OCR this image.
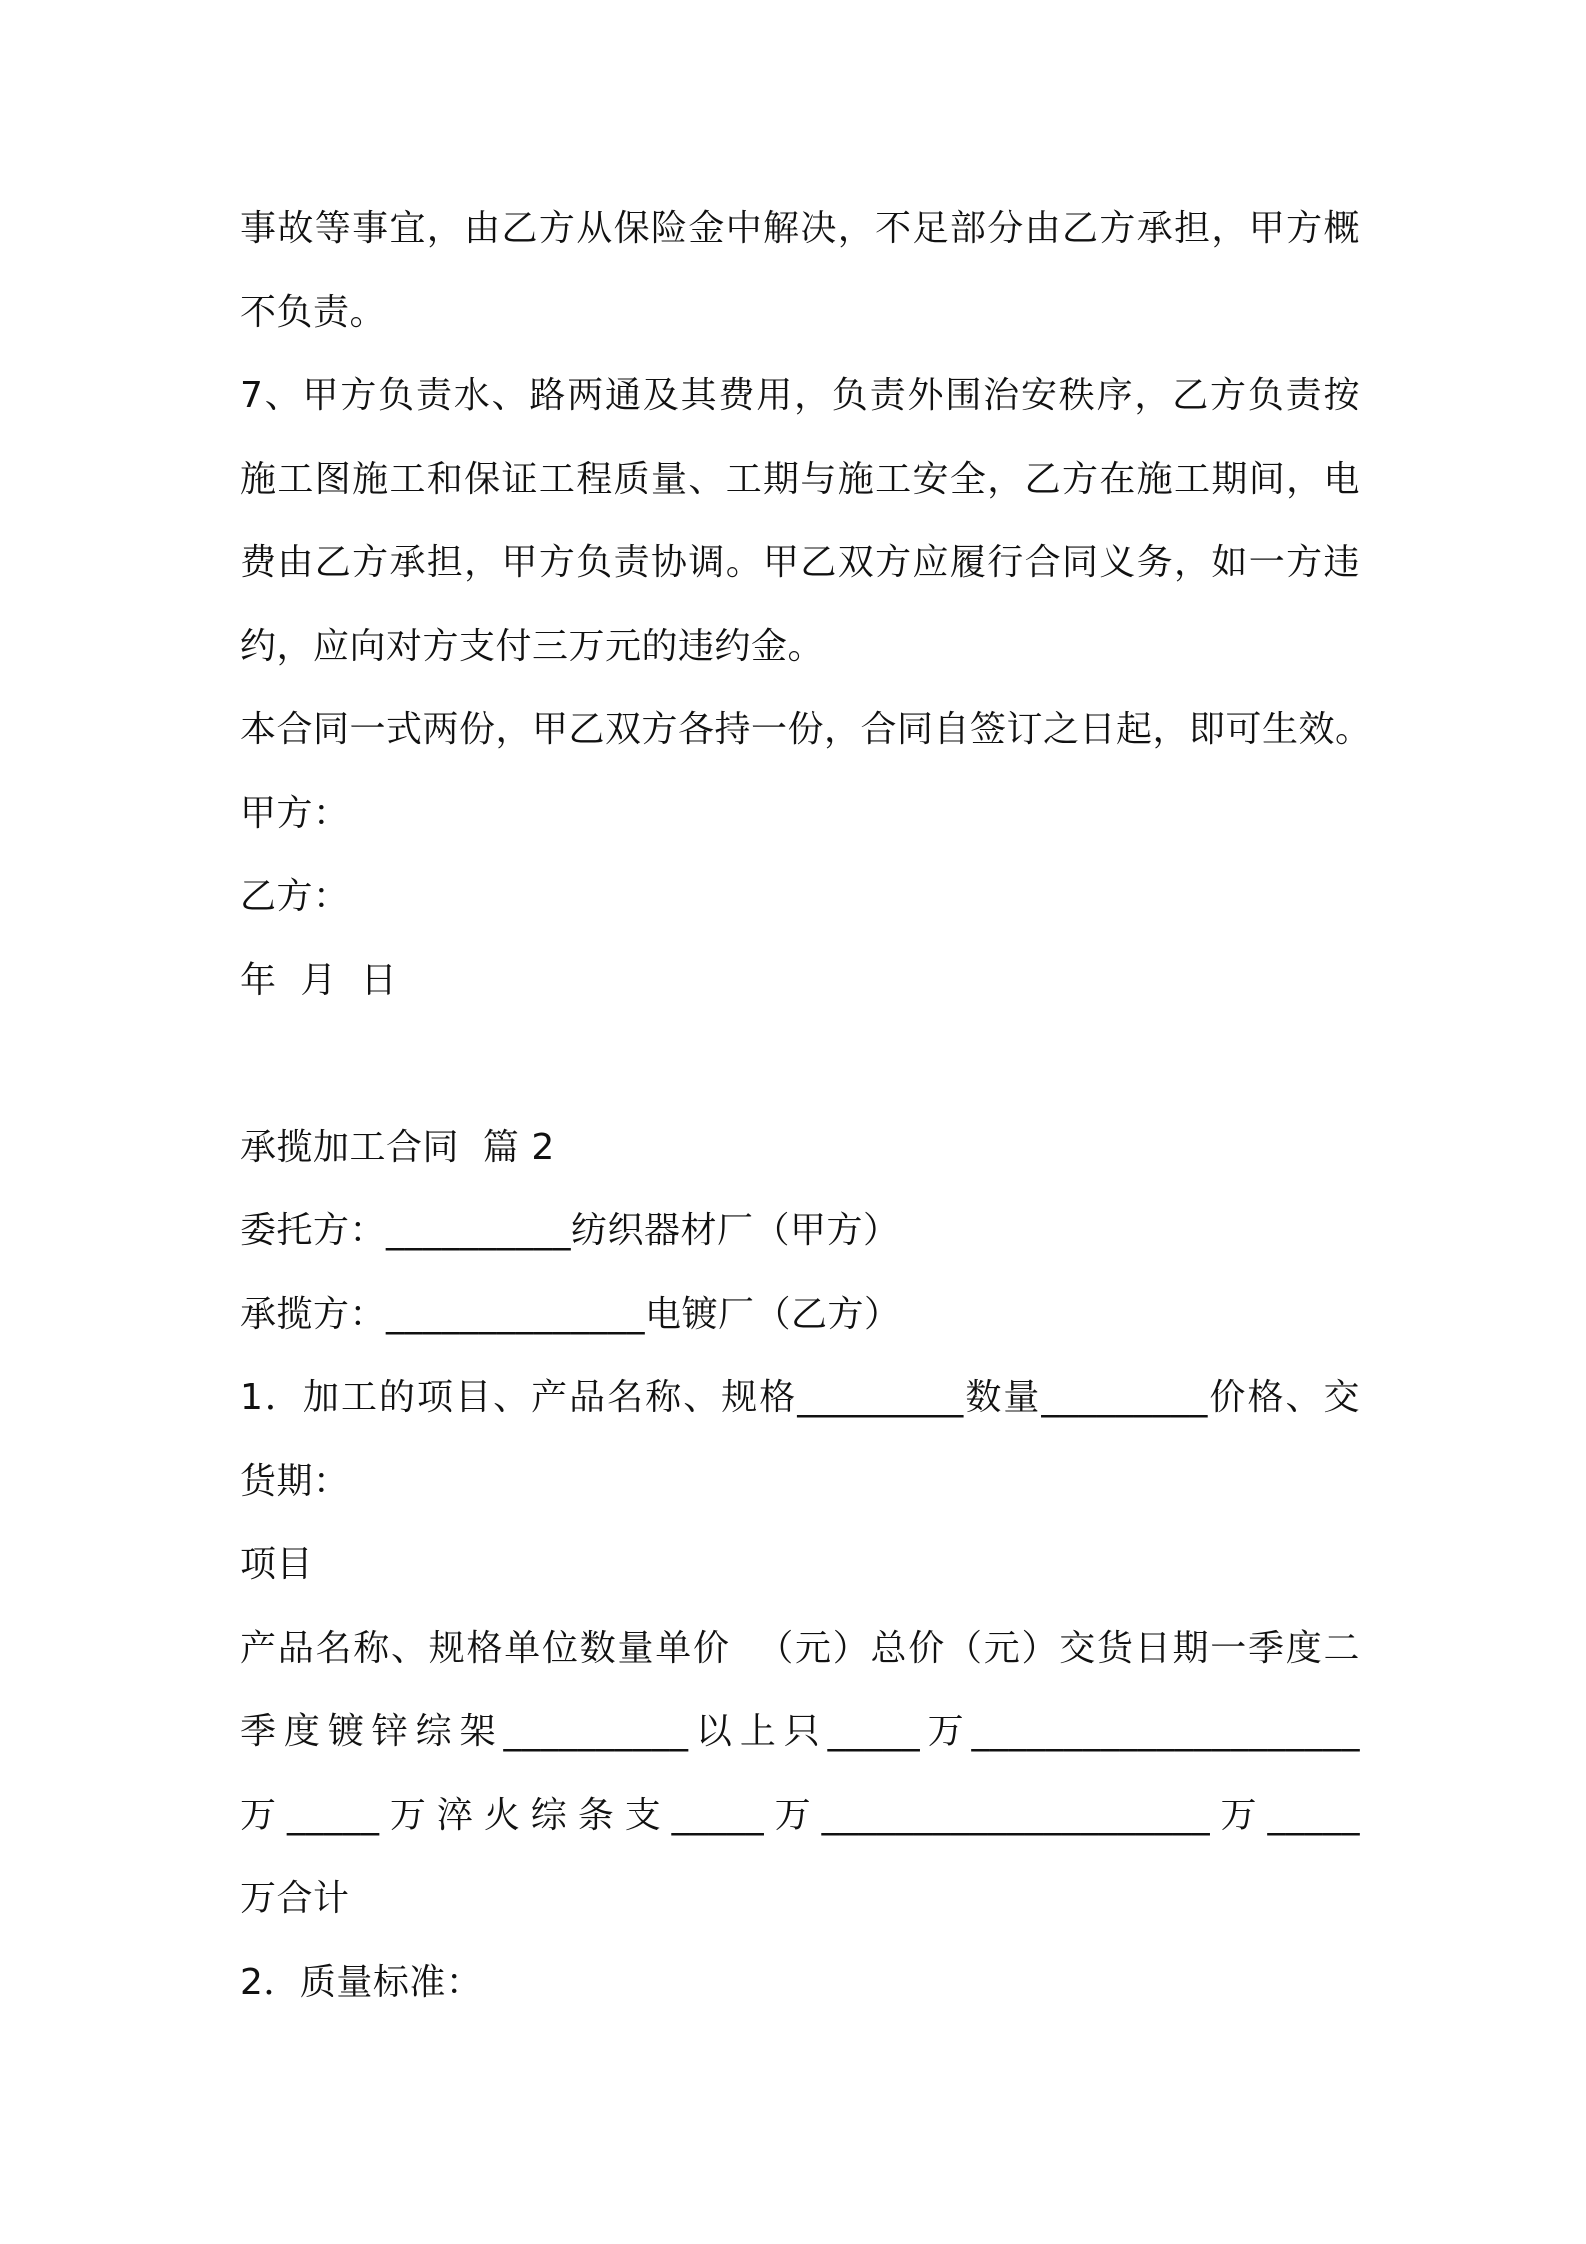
事故等事宜，由乙方从保险金中解决，不足部分由乙方承担，甲方概
不负责。
7、甲方负责水、路两通及其费用，负责外围治安秩序，乙方负责按
施工图施工和保证工程质量、工期与施工安全，乙方在施工期间，电
费由乙方承担，甲方负责协调。甲乙双方应履行合同义务，如一方违
约，应向对方支付三万元的违约金。
本合同一式两份，甲乙双方各持一份，合同自签订之日起，即可生效。
甲方：
乙方：
年  月  日
承揽加工合同  篇 2
委托方：__________纺织器材厂（甲方）
承揽方：______________电镀厂（乙方）
1．加工的项目、产品名称、规格_________数量_________价格、交
货期：
项目
产品名称、规格单位数量单价  （元）总价（元）交货日期一季度二
季度镀锌综架__________以上只_____万_____________________
万_____万淬火综条支_____万_____________________万_____
万合计
2．质量标准：
